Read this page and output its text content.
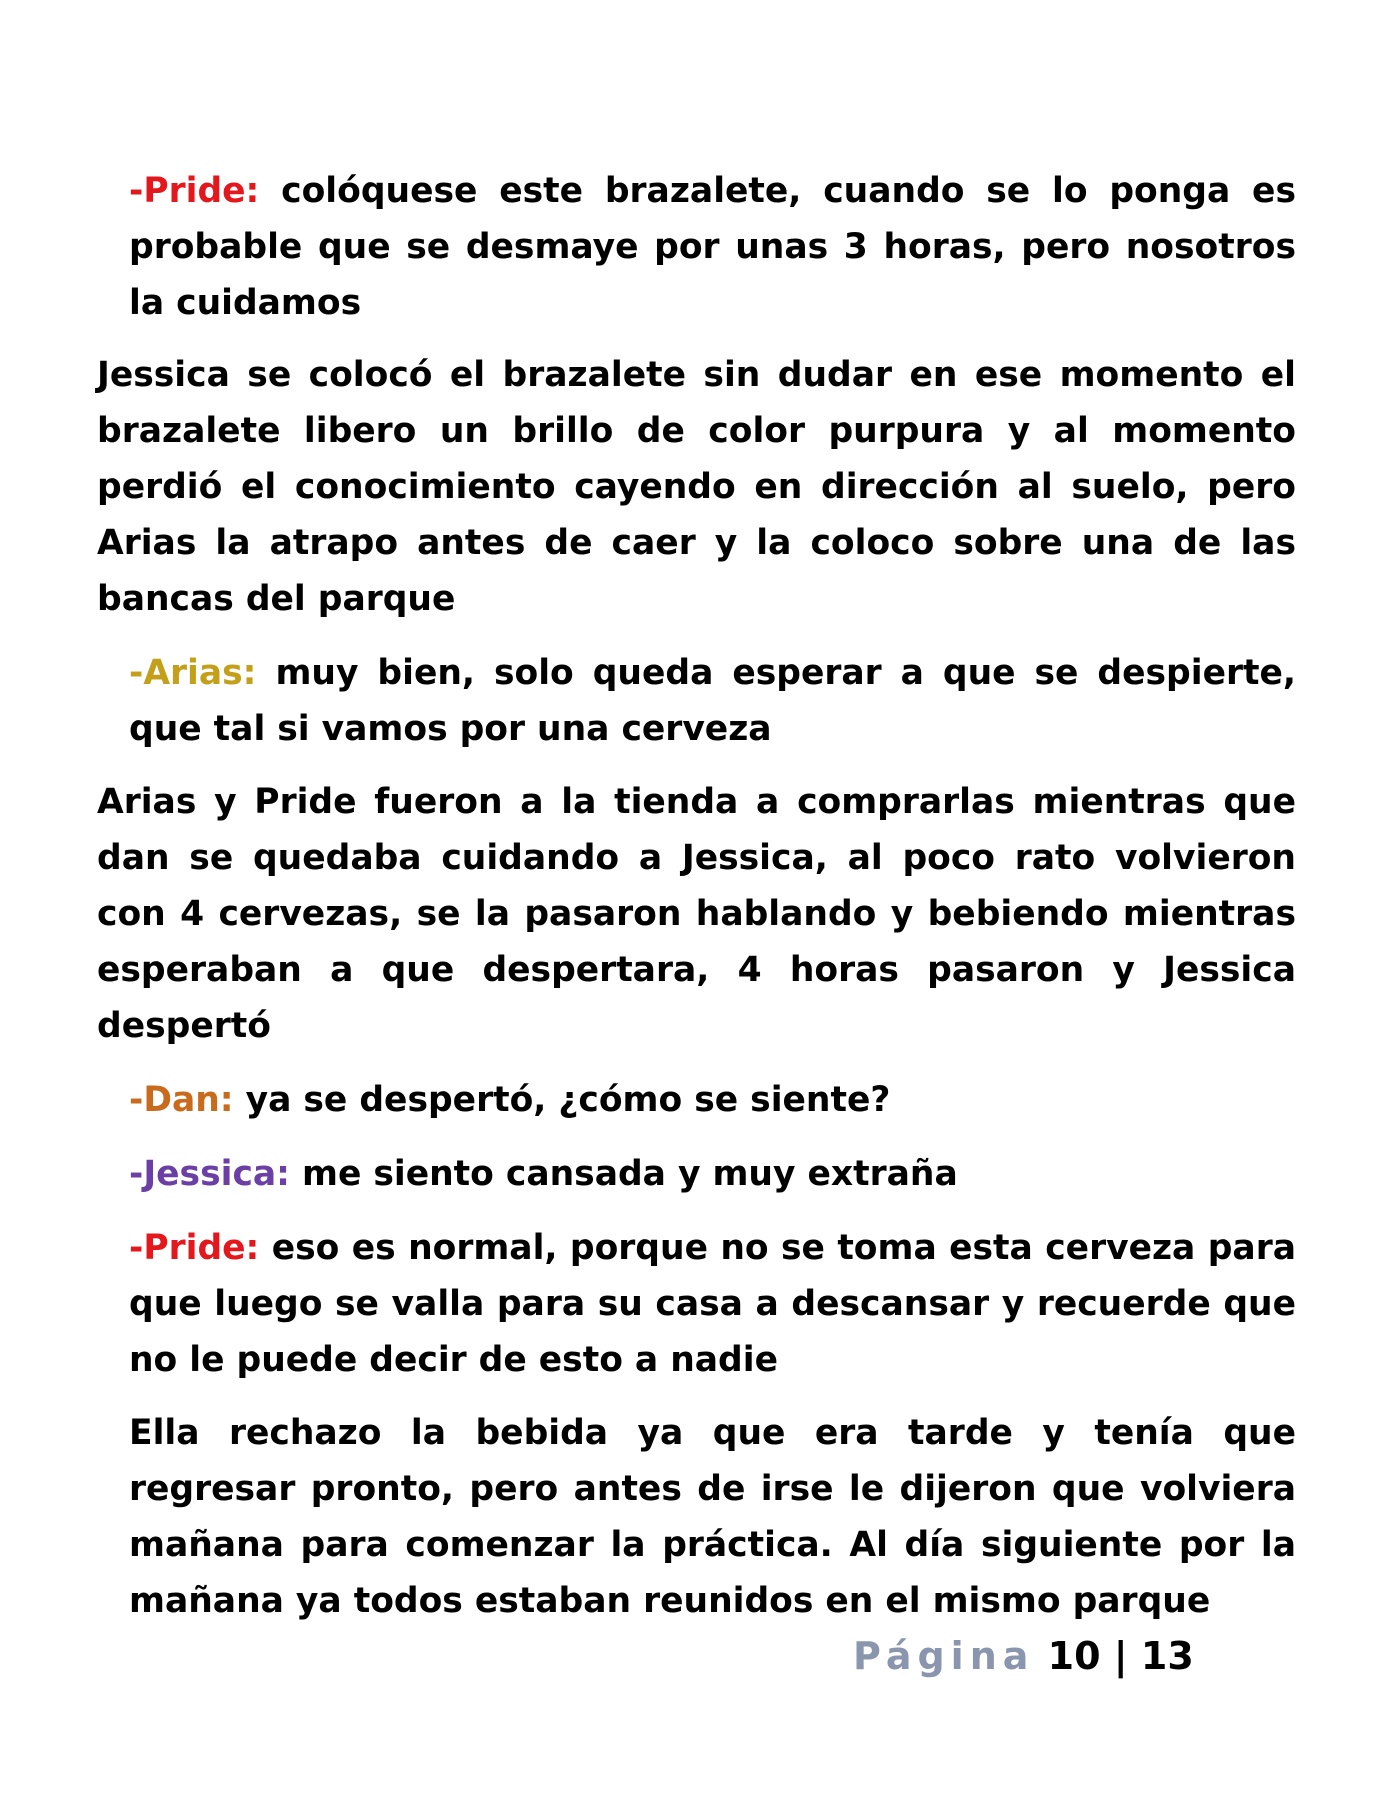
-Pride: colóquese este brazalete, cuando se lo ponga es probable que se desmaye por unas 3 horas, pero nosotros la cuidamos

Jessica se colocó el brazalete sin dudar en ese momento el brazalete libero un brillo de color purpura y al momento perdió el conocimiento cayendo en dirección al suelo, pero Arias la atrapo antes de caer y la coloco sobre una de las bancas del parque

-Arias: muy bien, solo queda esperar a que se despierte, que tal si vamos por una cerveza

Arias y Pride fueron a la tienda a comprarlas mientras que dan se quedaba cuidando a Jessica, al poco rato volvieron con 4 cervezas, se la pasaron hablando y bebiendo mientras esperaban a que despertara, 4 horas pasaron y Jessica despertó

-Dan: ya se despertó, ¿cómo se siente?

-Jessica: me siento cansada y muy extraña

-Pride: eso es normal, porque no se toma esta cerveza para que luego se valla para su casa a descansar y recuerde que no le puede decir de esto a nadie

Ella rechazo la bebida ya que era tarde y tenía que regresar pronto, pero antes de irse le dijeron que volviera mañana para comenzar la práctica. Al día siguiente por la mañana ya todos estaban reunidos en el mismo parque

Página 10 | 13
